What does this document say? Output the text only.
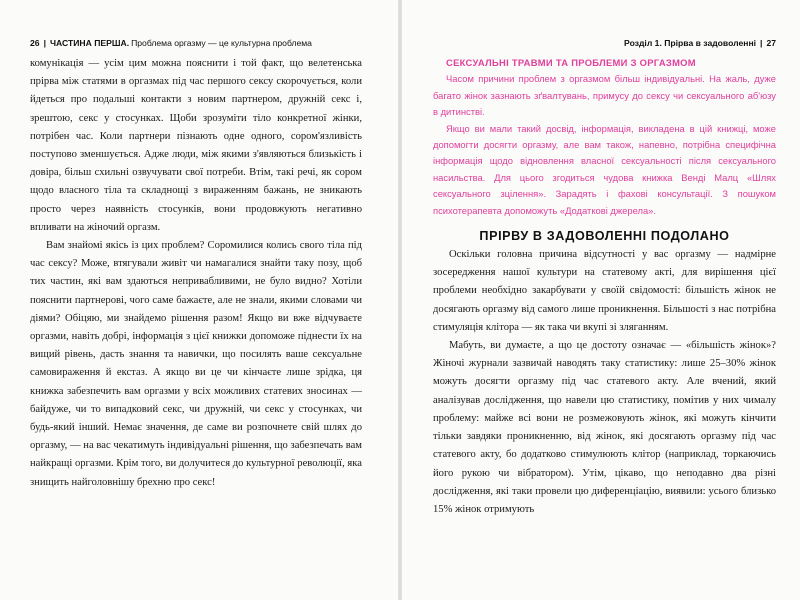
26 | ЧАСТИНА ПЕРША. Проблема оргазму — це культурна проблема

комунікація — усім цим можна пояснити і той факт, що велетенська прірва між статями в оргазмах під час першого сексу скорочується, коли йдеться про подальші контакти з новим партнером, дружній секс і, зрештою, секс у стосунках. Щоби зрозуміти тіло конкретної жінки, потрібен час. Коли партнери пізнають одне одного, сором'язливість поступово зменшується. Адже люди, між якими з'являються близькість і довіра, більш схильні озвучувати свої потреби. Втім, такі речі, як сором щодо власного тіла та складнощі з вираженням бажань, не зникають просто через наявність стосунків, вони продовжують негативно впливати на жіночий оргазм.

Вам знайомі якісь із цих проблем? Соромилися колись свого тіла під час сексу? Може, втягували живіт чи намагалися знайти таку позу, щоб тих частин, які вам здаються непривабливими, не було видно? Хотіли пояснити партнерові, чого саме бажаєте, але не знали, якими словами чи діями? Обіцяю, ми знайдемо рішення разом! Якщо ви вже відчуваєте оргазми, навіть добрі, інформація з цієї книжки допоможе піднести їх на вищий рівень, дасть знання та навички, що посилять ваше сексуальне самовираження й екстаз. А якщо ви це чи кінчаєте лише зрідка, ця книжка забезпечить вам оргазми у всіх можливих статевих зносинах — байдуже, чи то випадковий секс, чи дружній, чи секс у стосунках, чи будь-який інший. Немає значення, де саме ви розпочнете свій шлях до оргазму, — на вас чекатимуть індивідуальні рішення, що забезпечать вам найкращі оргазми. Крім того, ви долучитеся до культурної революції, яка знищить найголовнішу брехню про секс!

Розділ 1. Прірва в задоволенні | 27
СЕКСУАЛЬНІ ТРАВМИ ТА ПРОБЛЕМИ З ОРГАЗМОМ

Часом причини проблем з оргазмом більш індивідуальні. На жаль, дуже багато жінок зазнають зґвалтувань, примусу до сексу чи сексуального аб'юзу в дитинстві.

Якщо ви мали такий досвід, інформація, викладена в цій книжці, може допомогти досягти оргазму, але вам також, напевно, потрібна специфічна інформація щодо відновлення власної сексуальності після сексуального насильства. Для цього згодиться чудова книжка Венді Малц «Шлях сексуального зцілення». Зарадять і фахові консультації. З пошуком психотерапевта допоможуть «Додаткові джерела».

ПРІРВУ В ЗАДОВОЛЕННІ ПОДОЛАНО

Оскільки головна причина відсутності у вас оргазму — надмірне зосередження нашої культури на статевому акті, для вирішення цієї проблеми необхідно закарбувати у своїй свідомості: більшість жінок не досягають оргазму від самого лише проникнення. Більшості з нас потрібна стимуляція клітора — як така чи вкупі зі зляганням.

Мабуть, ви думаєте, а що це достоту означає — «більшість жінок»? Жіночі журнали зазвичай наводять таку статистику: лише 25–30% жінок можуть досягти оргазму під час статевого акту. Але вчений, який аналізував дослідження, що навели цю статистику, помітив у них чималу проблему: майже всі вони не розмежовують жінок, які можуть кінчити тільки завдяки проникненню, від жінок, які досягають оргазму під час статевого акту, бо додатково стимулюють клітор (наприклад, торкаючись його рукою чи вібратором). Утім, цікаво, що неподавно два різні дослідження, які таки провели цю диференціацію, виявили: усього близько 15% жінок отримують
